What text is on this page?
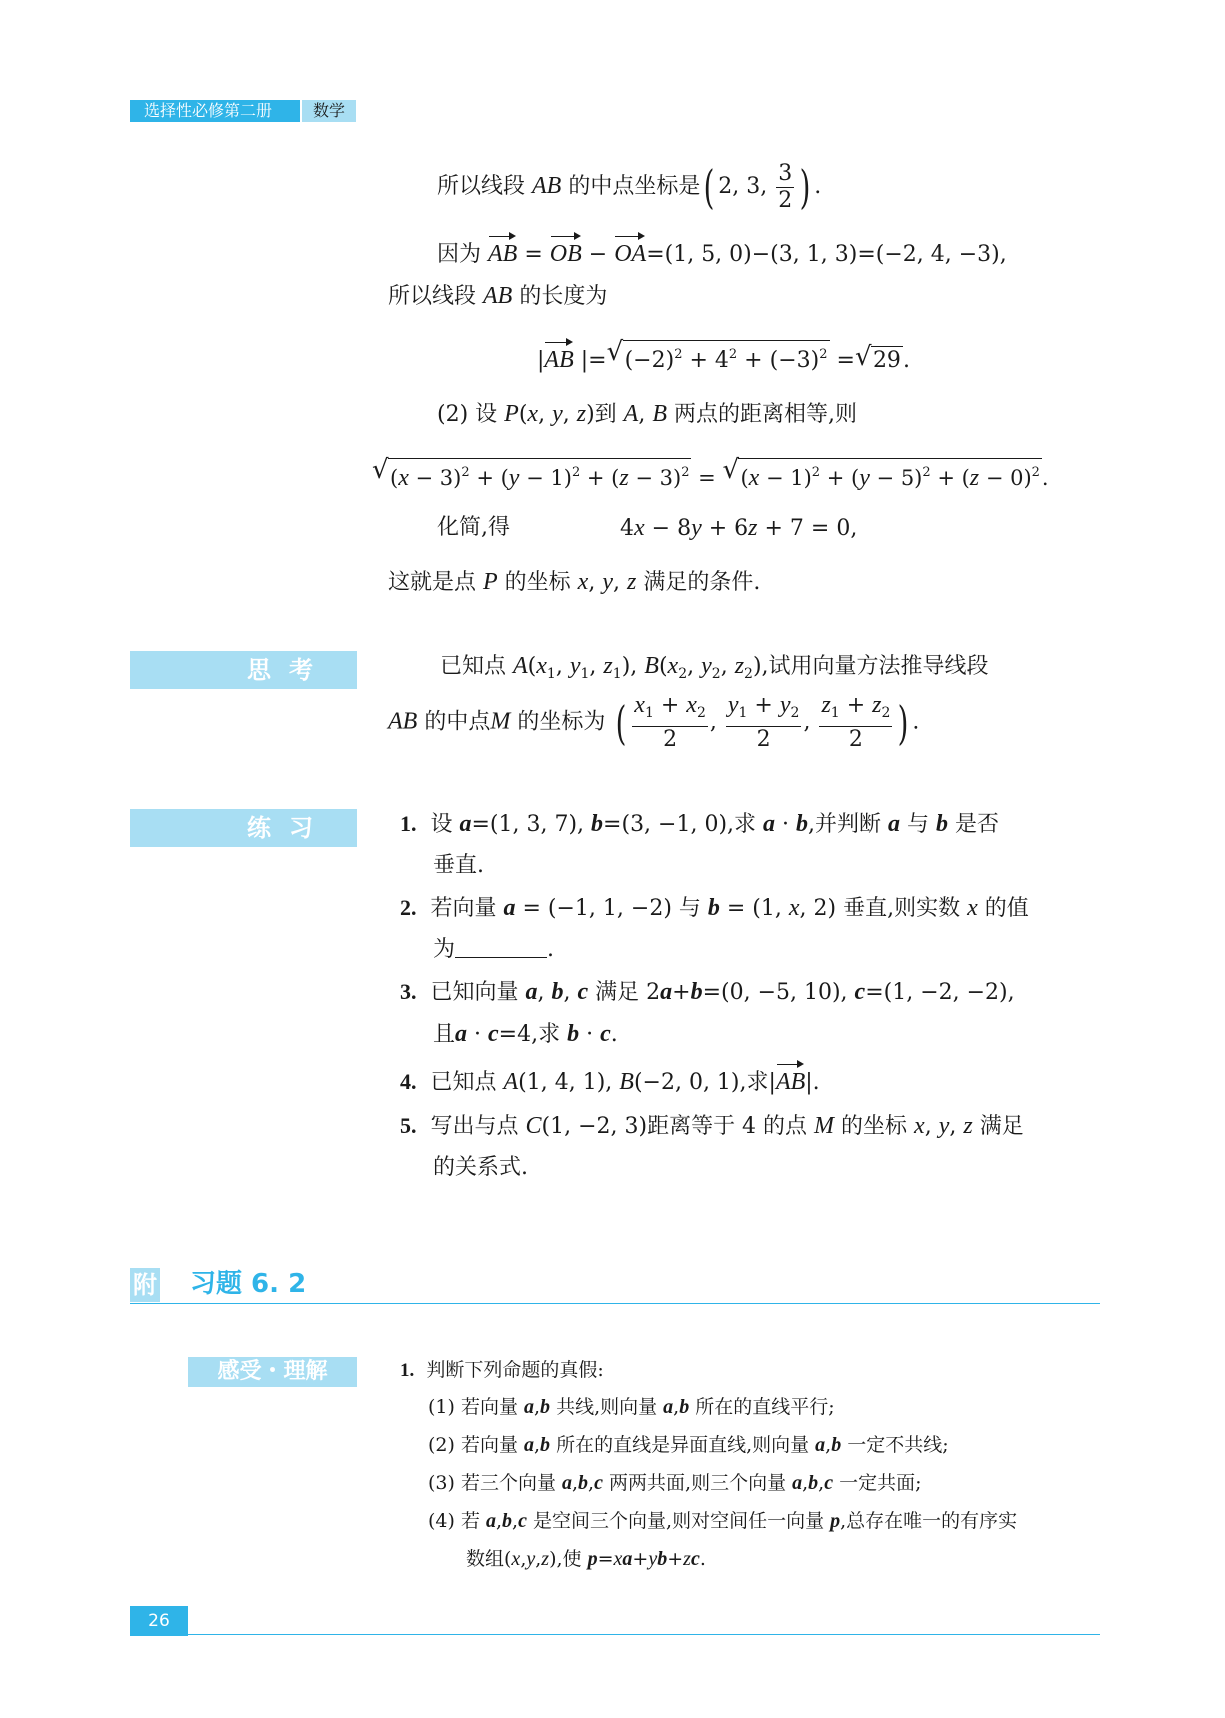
选择性必修第二册	数学
所以线段 AB 的中点坐标是( 2, 3, $\frac{3}{2}$ ) .
因为 AB = OB − OA=(1, 5, 0)−(3, 1, 3)=(−2, 4, −3),
所以线段 AB 的长度为
|AB |= √ $(-2)^2 + 4^2 + (-3)^2$ = √ 29.
(2) 设 P(x, y, z)到 A, B 两点的距离相等,则
√ $(x - 3)^2 + (y - 1)^2 + (z - 3)^2$ = √ $(x - 1)^2 + (y - 5)^2 + (z - 0)^2$.
化简,得	4x − 8y + 6z + 7 = 0,
这就是点 P 的坐标 x, y, z 满足的条件.
思考	已知点 $A(x_1$, $y_1$, $z_1$), $B(x_2$, $y_2$, $z_2$),试用向量方法推导线段
AB 的中点M 的坐标为 ( $\frac{x_1 + x_2}{2}$ , $\frac{y_1 + y_2}{2}$ , $\frac{z_1 + z_2}{2}$ ) .
练习	1.  设 a=(1, 3, 7), b=(3, −1, 0),求 a · b,并判断 a 与 b 是否
垂直.
2.  若向量 a = (−1, 1, −2) 与 b = (1, x, 2) 垂直,则实数 x 的值
为	.
3.  已知向量 a, b, c 满足 2a+b=(0, −5, 10), c=(1, −2, −2),
且a · c=4,求 b · c.
4.  已知点 A(1, 4, 1), B(−2, 0, 1),求|AB|.
5.  写出与点 C(1, −2, 3)距离等于 4 的点 M 的坐标 x, y, z 满足
的关系式.
附 习题 6. 2
感受・理解	1. 判断下列命题的真假:
(1) 若向量 a,b 共线,则向量 a,b 所在的直线平行;
(2) 若向量 a,b 所在的直线是异面直线,则向量 a,b 一定不共线;
(3) 若三个向量 a,b,c 两两共面,则三个向量 a,b,c 一定共面;
(4) 若 a,b,c 是空间三个向量,则对空间任一向量 p,总存在唯一的有序实
数组(x,y,z),使 p=xa+yb+zc.
26
